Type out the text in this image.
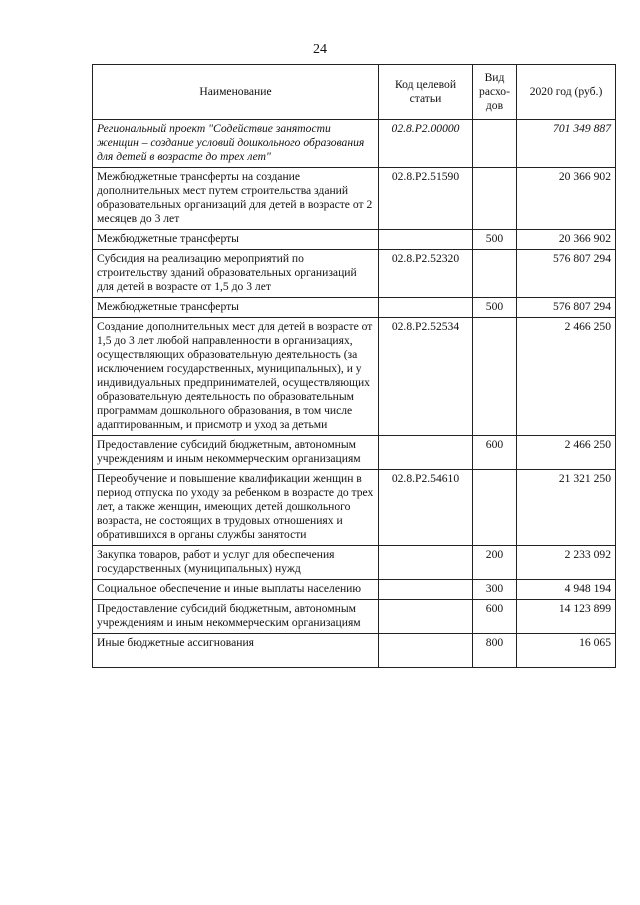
24
Наименование	Код целевой статьи	Вид расхо-дов	2020 год (руб.)
Региональный проект "Содействие занятости женщин – создание условий дошкольного образования для детей в возрасте до трех лет"	02.8.Р2.00000		701 349 887
Межбюджетные трансферты на создание дополнительных мест путем строительства зданий образовательных организаций для детей в возрасте от 2 месяцев до 3 лет	02.8.Р2.51590		20 366 902
Межбюджетные трансферты		500	20 366 902
Субсидия на реализацию мероприятий по строительству зданий образовательных организаций для детей в возрасте от 1,5 до 3 лет	02.8.Р2.52320		576 807 294
Межбюджетные трансферты		500	576 807 294
Создание дополнительных мест для детей в возрасте от 1,5 до 3 лет любой направленности в организациях, осуществляющих образовательную деятельность (за исключением государственных, муниципальных), и у индивидуальных предпринимателей, осуществляющих образовательную деятельность по образовательным программам дошкольного образования, в том числе адаптированным, и присмотр и уход за детьми	02.8.Р2.52534		2 466 250
Предоставление субсидий бюджетным, автономным учреждениям и иным некоммерческим организациям		600	2 466 250
Переобучение и повышение квалификации женщин в период отпуска по уходу за ребенком в возрасте до трех лет, а также женщин, имеющих детей дошкольного возраста, не состоящих в трудовых отношениях и обратившихся в органы службы занятости	02.8.Р2.54610		21 321 250
Закупка товаров, работ и услуг для обеспечения государственных (муниципальных) нужд		200	2 233 092
Социальное обеспечение и иные выплаты населению		300	4 948 194
Предоставление субсидий бюджетным, автономным учреждениям и иным некоммерческим организациям		600	14 123 899
Иные бюджетные ассигнования		800	16 065
